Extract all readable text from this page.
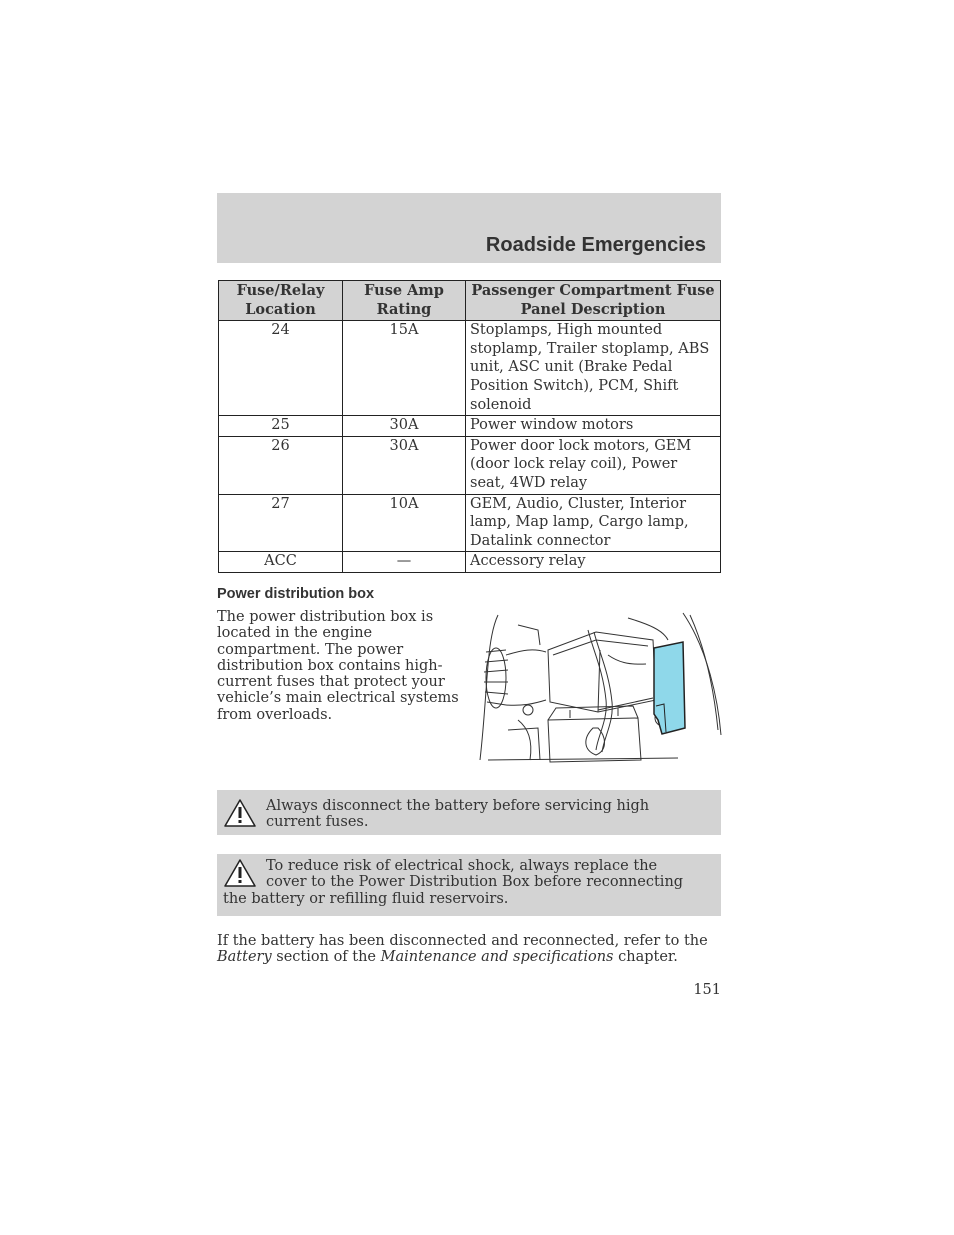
Roadside Emergencies
Fuse/Relay Location	Fuse Amp Rating	Passenger Compartment Fuse Panel Description
24	15A	Stoplamps, High mounted stoplamp, Trailer stoplamp, ABS unit, ASC unit (Brake Pedal Position Switch), PCM, Shift solenoid
25	30A	Power window motors
26	30A	Power door lock motors, GEM (door lock relay coil), Power seat, 4WD relay
27	10A	GEM, Audio, Cluster, Interior lamp, Map lamp, Cargo lamp, Datalink connector
ACC	—	Accessory relay
Power distribution box
The power distribution box is located in the engine compartment. The power distribution box contains high-current fuses that protect your vehicle’s main electrical systems from overloads.
Always disconnect the battery before servicing high current fuses.
To reduce risk of electrical shock, always replace the cover to the Power Distribution Box before reconnecting the battery or refilling fluid reservoirs.
If the battery has been disconnected and reconnected, refer to the Battery section of the Maintenance and specifications chapter.
151
